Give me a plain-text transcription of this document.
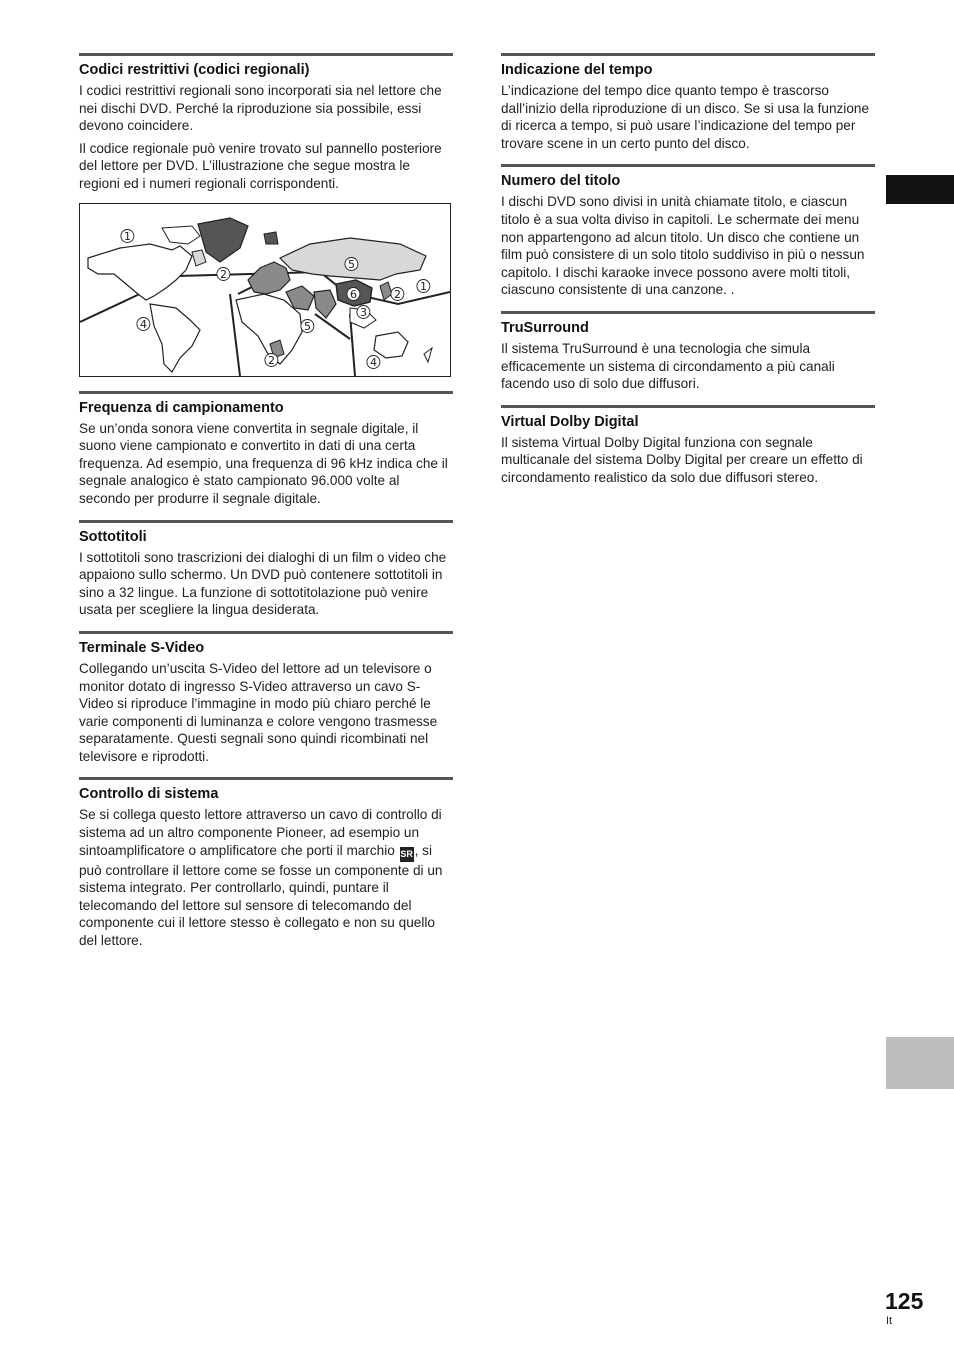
Codici restrittivi (codici regionali)

I codici restrittivi regionali sono incorporati sia nel lettore che nei dischi DVD. Perché la riproduzione sia possibile, essi devono coincidere.

Il codice regionale può venire trovato sul pannello posteriore del lettore per DVD. L’illustrazione che segue mostra le regioni ed i numeri regionali corrispondenti.

1
2
5
1
2
6
3
4	5
2	4
Frequenza di campionamento

Se un’onda sonora viene convertita in segnale digitale, il suono viene campionato e convertito in dati di una certa frequenza. Ad esempio, una frequenza di 96 kHz indica che il segnale analogico è stato campionato 96.000 volte al secondo per produrre il segnale digitale.

Sottotitoli

I sottotitoli sono trascrizioni dei dialoghi di un film o video che appaiono sullo schermo. Un DVD può contenere sottotitoli in sino a 32 lingue. La funzione di sottotitolazione può venire usata per scegliere la lingua desiderata.

Terminale S-Video

Collegando un’uscita S-Video del lettore ad un televisore o monitor dotato di ingresso S-Video attraverso un cavo S-Video si riproduce l’immagine in modo più chiaro perché le varie componenti di luminanza e colore vengono trasmesse separatamente. Questi segnali sono quindi ricombinati nel televisore e riprodotti.

Controllo di sistema

Se si collega questo lettore attraverso un cavo di controllo di sistema ad un altro componente Pioneer, ad esempio un sintoamplificatore o amplificatore che porti il marchio SR , si può controllare il lettore come se fosse un componente di un sistema integrato. Per controllarlo, quindi, puntare il telecomando del lettore sul sensore di telecomando del componente cui il lettore stesso è collegato e non su quello del lettore.

Indicazione del tempo

L’indicazione del tempo dice quanto tempo è trascorso dall’inizio della riproduzione di un disco. Se si usa la funzione di ricerca a tempo, si può usare l’indicazione del tempo per trovare scene in un certo punto del disco.

Numero del titolo

I dischi DVD sono divisi in unità chiamate titolo, e ciascun titolo è a sua volta diviso in capitoli. Le schermate dei menu non appartengono ad alcun titolo. Un disco che contiene un film può consistere di un solo titolo suddiviso in più o nessun capitolo. I dischi karaoke invece possono avere molti titoli, ciascuno consistente di una canzone. .

TruSurround

Il sistema TruSurround è una tecnologia che simula efficacemente un sistema di circondamento a più canali facendo uso di solo due diffusori.

Virtual Dolby Digital

Il sistema Virtual Dolby Digital funziona con segnale multicanale del sistema Dolby Digital per creare un effetto di circondamento realistico da solo due diffusori stereo.

125
It
